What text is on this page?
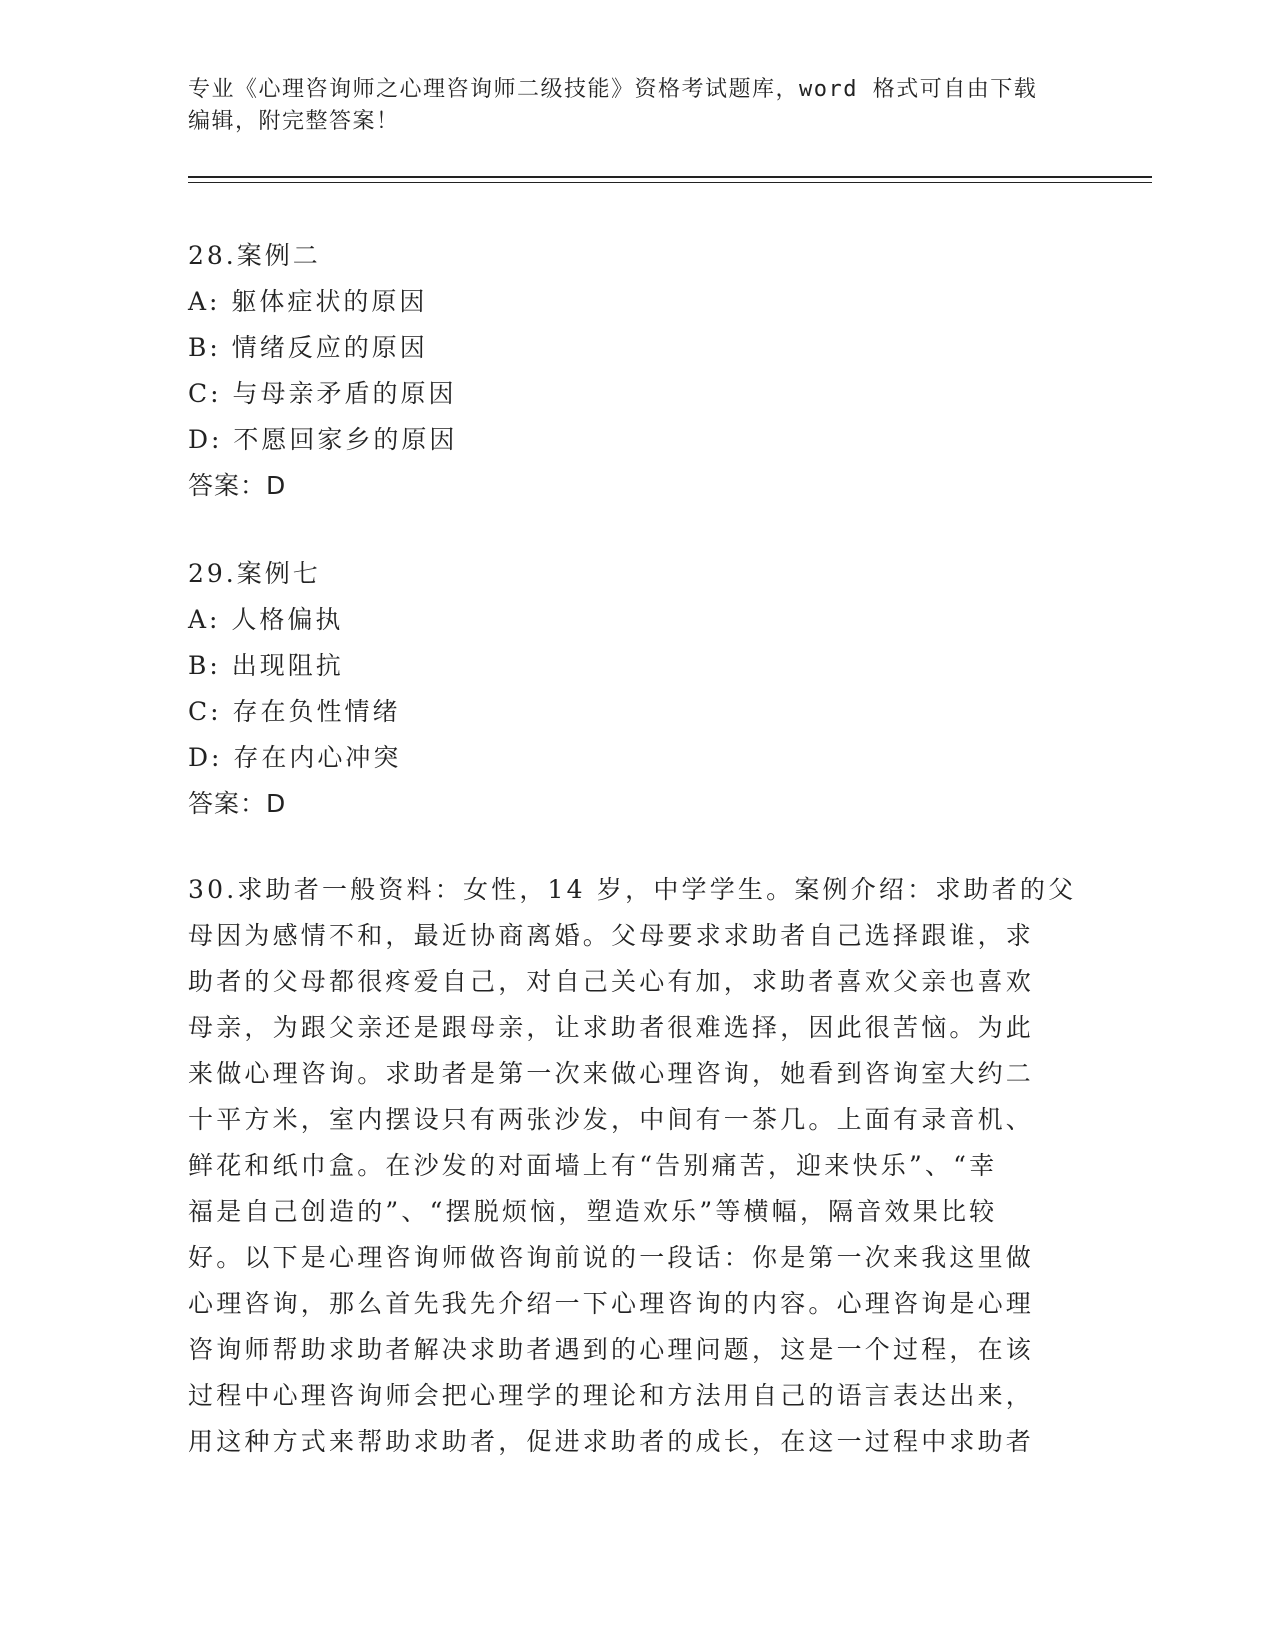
专业《心理咨询师之心理咨询师二级技能》资格考试题库，word 格式可自由下载
编辑，附完整答案！
28.案例二
A: 躯体症状的原因
B: 情绪反应的原因
C: 与母亲矛盾的原因
D: 不愿回家乡的原因
答案：D
29.案例七
A: 人格偏执
B: 出现阻抗
C: 存在负性情绪
D: 存在内心冲突
答案：D
30.求助者一般资料：女性，14 岁，中学学生。案例介绍：求助者的父
母因为感情不和，最近协商离婚。父母要求求助者自己选择跟谁，求
助者的父母都很疼爱自己，对自己关心有加，求助者喜欢父亲也喜欢
母亲，为跟父亲还是跟母亲，让求助者很难选择，因此很苦恼。为此
来做心理咨询。求助者是第一次来做心理咨询，她看到咨询室大约二
十平方米，室内摆设只有两张沙发，中间有一茶几。上面有录音机、
鲜花和纸巾盒。在沙发的对面墙上有“告别痛苦，迎来快乐”、“幸
福是自己创造的”、“摆脱烦恼，塑造欢乐”等横幅，隔音效果比较
好。以下是心理咨询师做咨询前说的一段话：你是第一次来我这里做
心理咨询，那么首先我先介绍一下心理咨询的内容。心理咨询是心理
咨询师帮助求助者解决求助者遇到的心理问题，这是一个过程，在该
过程中心理咨询师会把心理学的理论和方法用自己的语言表达出来，
用这种方式来帮助求助者，促进求助者的成长，在这一过程中求助者
